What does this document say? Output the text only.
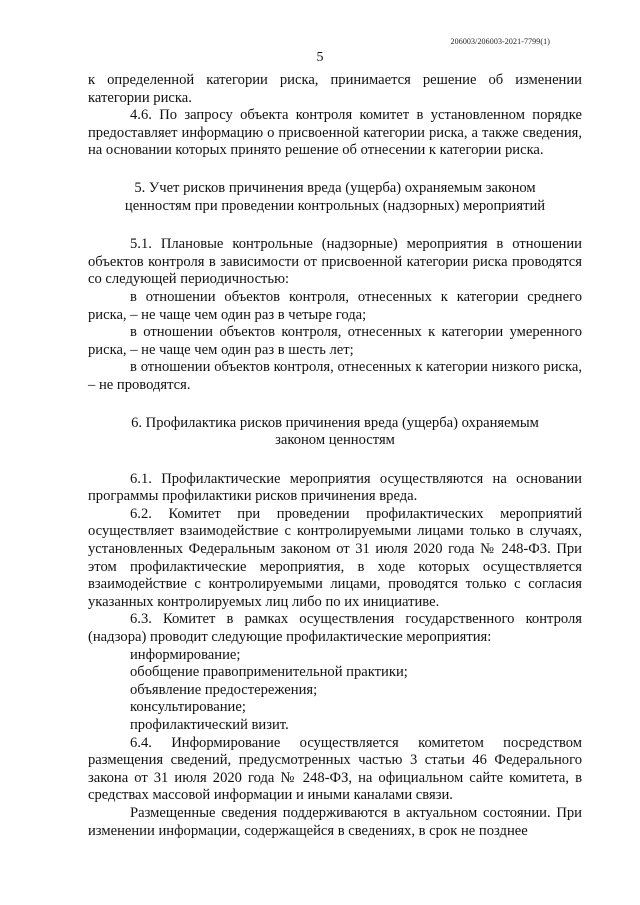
206003/206003-2021-7799(1)
5

к определенной категории риска, принимается решение об изменении категории риска.

4.6. По запросу объекта контроля комитет в установленном порядке предоставляет информацию о присвоенной категории риска, а также сведения, на основании которых принято решение об отнесении к категории риска.

5. Учет рисков причинения вреда (ущерба) охраняемым законом ценностям при проведении контрольных (надзорных) мероприятий

5.1. Плановые контрольные (надзорные) мероприятия в отношении объектов контроля в зависимости от присвоенной категории риска проводятся со следующей периодичностью:

в отношении объектов контроля, отнесенных к категории среднего риска, – не чаще чем один раз в четыре года;

в отношении объектов контроля, отнесенных к категории умеренного риска, – не чаще чем один раз в шесть лет;

в отношении объектов контроля, отнесенных к категории низкого риска, – не проводятся.

6. Профилактика рисков причинения вреда (ущерба) охраняемым законом ценностям

6.1. Профилактические мероприятия осуществляются на основании программы профилактики рисков причинения вреда.

6.2. Комитет при проведении профилактических мероприятий осуществляет взаимодействие с контролируемыми лицами только в случаях, установленных Федеральным законом от 31 июля 2020 года № 248-ФЗ. При этом профилактические мероприятия, в ходе которых осуществляется взаимодействие с контролируемыми лицами, проводятся только с согласия указанных контролируемых лиц либо по их инициативе.

6.3. Комитет в рамках осуществления государственного контроля (надзора) проводит следующие профилактические мероприятия:

информирование;

обобщение правоприменительной практики;

объявление предостережения;

консультирование;

профилактический визит.

6.4. Информирование осуществляется комитетом посредством размещения сведений, предусмотренных частью 3 статьи 46 Федерального закона от 31 июля 2020 года № 248-ФЗ, на официальном сайте комитета, в средствах массовой информации и иными каналами связи.

Размещенные сведения поддерживаются в актуальном состоянии. При изменении информации, содержащейся в сведениях, в срок не позднее
